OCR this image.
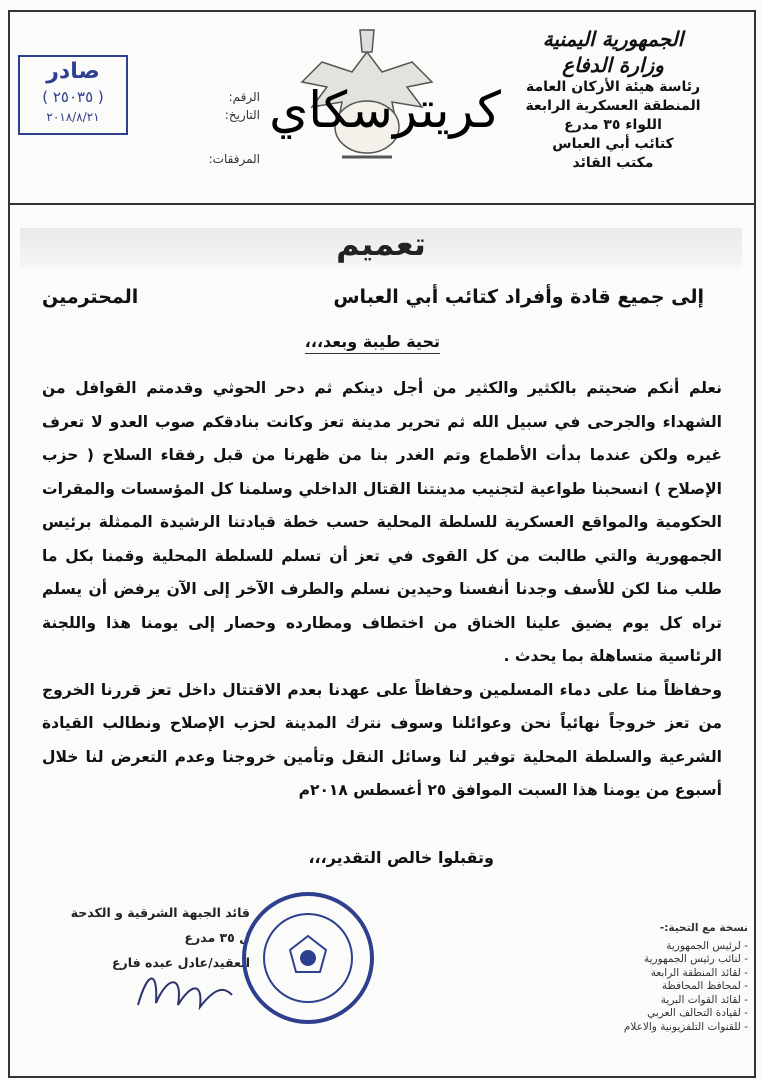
الجمهورية اليمنية
وزارة الدفاع
رئاسة هيئة الأركان العامة
المنطقة العسكرية الرابعة
اللواء ٣٥ مدرع
كتائب أبي العباس
مكتب القائد
صادر
( ٢٥٠٣٥ )
٢٠١٨/٨/٢١
الرقم:
التاريخ:
المرفقات:
كريترسكاي
تعميم
إلى جميع قادة وأفراد كتائب أبي العباس
المحترمين
تحية طيبة وبعد،،،

نعلم أنكم ضحيتم بالكثير والكثير من أجل دينكم ثم دحر الحوثي وقدمتم القوافل من الشهداء والجرحى في سبيل الله ثم تحرير مدينة تعز وكانت بنادقكم صوب العدو لا تعرف غيره ولكن عندما بدأت الأطماع وتم الغدر بنا من ظهرنا من قبل رفقاء السلاح ( حزب الإصلاح ) انسحبنا طواعية لتجنيب مدينتنا القتال الداخلي وسلمنا كل المؤسسات والمقرات الحكومية والمواقع العسكرية للسلطة المحلية حسب خطة قيادتنا الرشيدة الممثلة برئيس الجمهورية والتي طالبت من كل القوى في تعز أن تسلم للسلطة المحلية وقمنا بكل ما طلب منا لكن للأسف وجدنا أنفسنا وحيدين نسلم والطرف الآخر إلى الآن يرفض أن يسلم تراه كل يوم يضيق علينا الخناق من اختطاف ومطارده وحصار إلى يومنا هذا واللجنة الرئاسية متساهلة بما يحدث .

وحفاظاً منا على دماء المسلمين وحفاظاً على عهدنا بعدم الاقتتال داخل تعز قررنا الخروج من تعز خروجاً نهائياً نحن وعوائلنا وسوف نترك المدينة لحزب الإصلاح ونطالب القيادة الشرعية والسلطة المحلية توفير لنا وسائل النقل وتأمين خروجنا وعدم التعرض لنا خلال أسبوع من يومنا هذا السبت الموافق ٢٥ أغسطس ٢٠١٨م

وتقبلوا خالص التقدير،،،
قائد الجبهة الشرقية و الكدحة
ل ٣٥ مدرع
العقيد/عادل عبده فارع
نسخة مع التحية:-
- لرئيس الجمهورية
- لنائب رئيس الجمهورية
- لقائد المنطقة الرابعة
- لمحافظ المحافظة
- لقائد القوات البرية
- لقيادة التحالف العربي
- للقنوات التلفزيونية والاعلام
